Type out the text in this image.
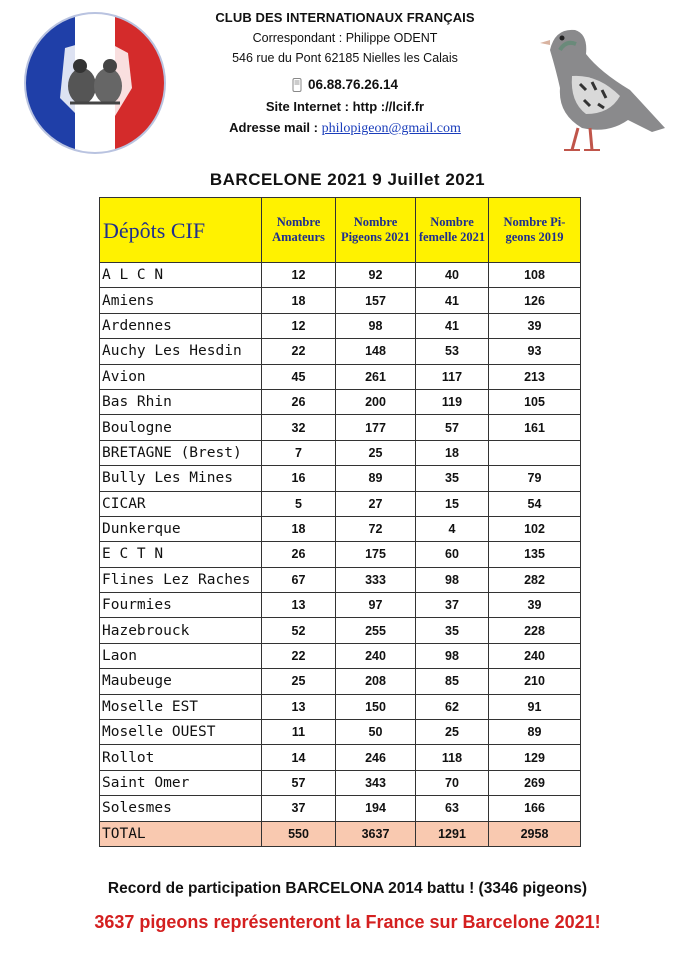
CLUB DES INTERNATIONAUX FRANÇAIS
Correspondant : Philippe ODENT
546 rue du Pont 62185 Nielles les Calais
06.88.76.26.14
Site Internet : http ://lcif.fr
Adresse mail : philopigeon@gmail.com
BARCELONE 2021 9 Juillet 2021
Dépôts CIF	Nombre Amateurs	Nombre Pigeons 2021	Nombre femelle 2021	Nombre Pi- geons 2019
A L C N	12	92	40	108
Amiens	18	157	41	126
Ardennes	12	98	41	39
Auchy Les Hesdin	22	148	53	93
Avion	45	261	117	213
Bas Rhin	26	200	119	105
Boulogne	32	177	57	161
BRETAGNE (Brest)	7	25	18	
Bully Les Mines	16	89	35	79
CICAR	5	27	15	54
Dunkerque	18	72	4	102
E C T N	26	175	60	135
Flines Lez Raches	67	333	98	282
Fourmies	13	97	37	39
Hazebrouck	52	255	35	228
Laon	22	240	98	240
Maubeuge	25	208	85	210
Moselle EST	13	150	62	91
Moselle OUEST	11	50	25	89
Rollot	14	246	118	129
Saint Omer	57	343	70	269
Solesmes	37	194	63	166
TOTAL	550	3637	1291	2958
Record de participation BARCELONA 2014 battu ! (3346 pigeons)
3637 pigeons représenteront la France sur Barcelone 2021!
